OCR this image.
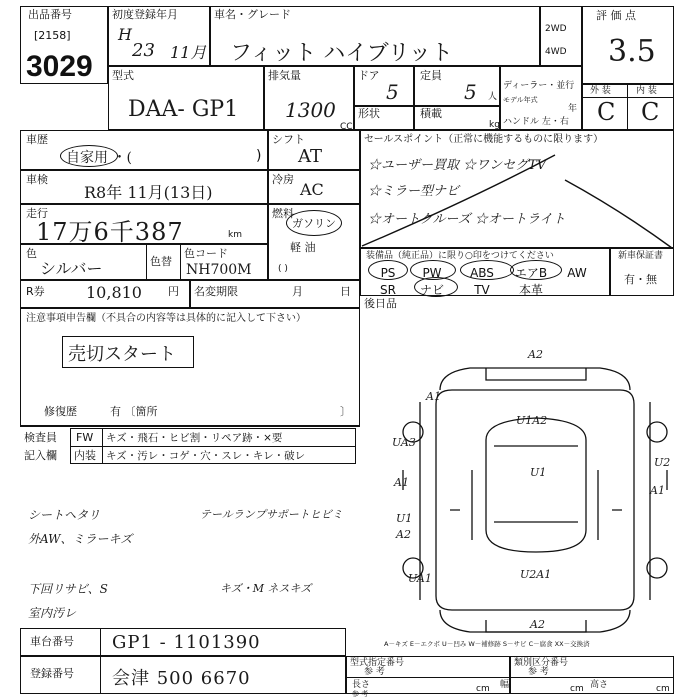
出品番号
[2158]
3029
初度登録年月
H
23 11月
車名・グレード
フィット ハイブリット
2WD
4WD
評 価 点
3.5
型式
DAA- GP1
排気量
1300
CC
ドア
5
定員
5 人
形状	積載
kg
ディーラー・並行
モデル年式
年
ハンドル 左・右
外 装	内 装
C C
車歴
自家用 ・(	)
シフト
AT
車検
R8年 11月(13日)
冷房
AC
走行
17万6千387	km
燃料
ガソリン
軽 油
( )
色
シルバー	色替
色コード
NH700M
セールスポイント（正常に機能するものに限ります）
☆ユーザー買取 ☆ワンセグTV
☆ミラー型ナビ
☆オートクルーズ ☆オートライト
装備品（純正品）に限り○印をつけてください
PS PW ABS エアB AW
SR ナビ	TV 本革
新車保証書
有・無
R券	10,810 円 名変期限	月	日
後日品
注意事項申告欄（不具合の内容等は具体的に記入して下さい）
売切スタート
修復歴	有 〔箇所	〕
検査員
記入欄
FW キズ・飛石・ヒビ割・リペア跡・×要
内装 キズ・汚レ・コゲ・穴・スレ・キレ・破レ
シートヘタリ
外AW、ミラーキズ
下回リサビ、S
室内汚レ
テールランプサポートヒビミ
キズ・M ネスキズ
A2
A1
U1A2
UA3
A1
U1
U2
A1
U1
A2
U2A1
UA1
A2
A－キズ E－エクボ U－凹み W－補修跡 S－サビ C－腐食 XX－交換済
車台番号 GP1 - 1101390
登録番号 会津 500 6670
型式指定番号
参 考
類別区分番号
参 考
長さ
参 考	cm 幅	cm 高さ	cm
